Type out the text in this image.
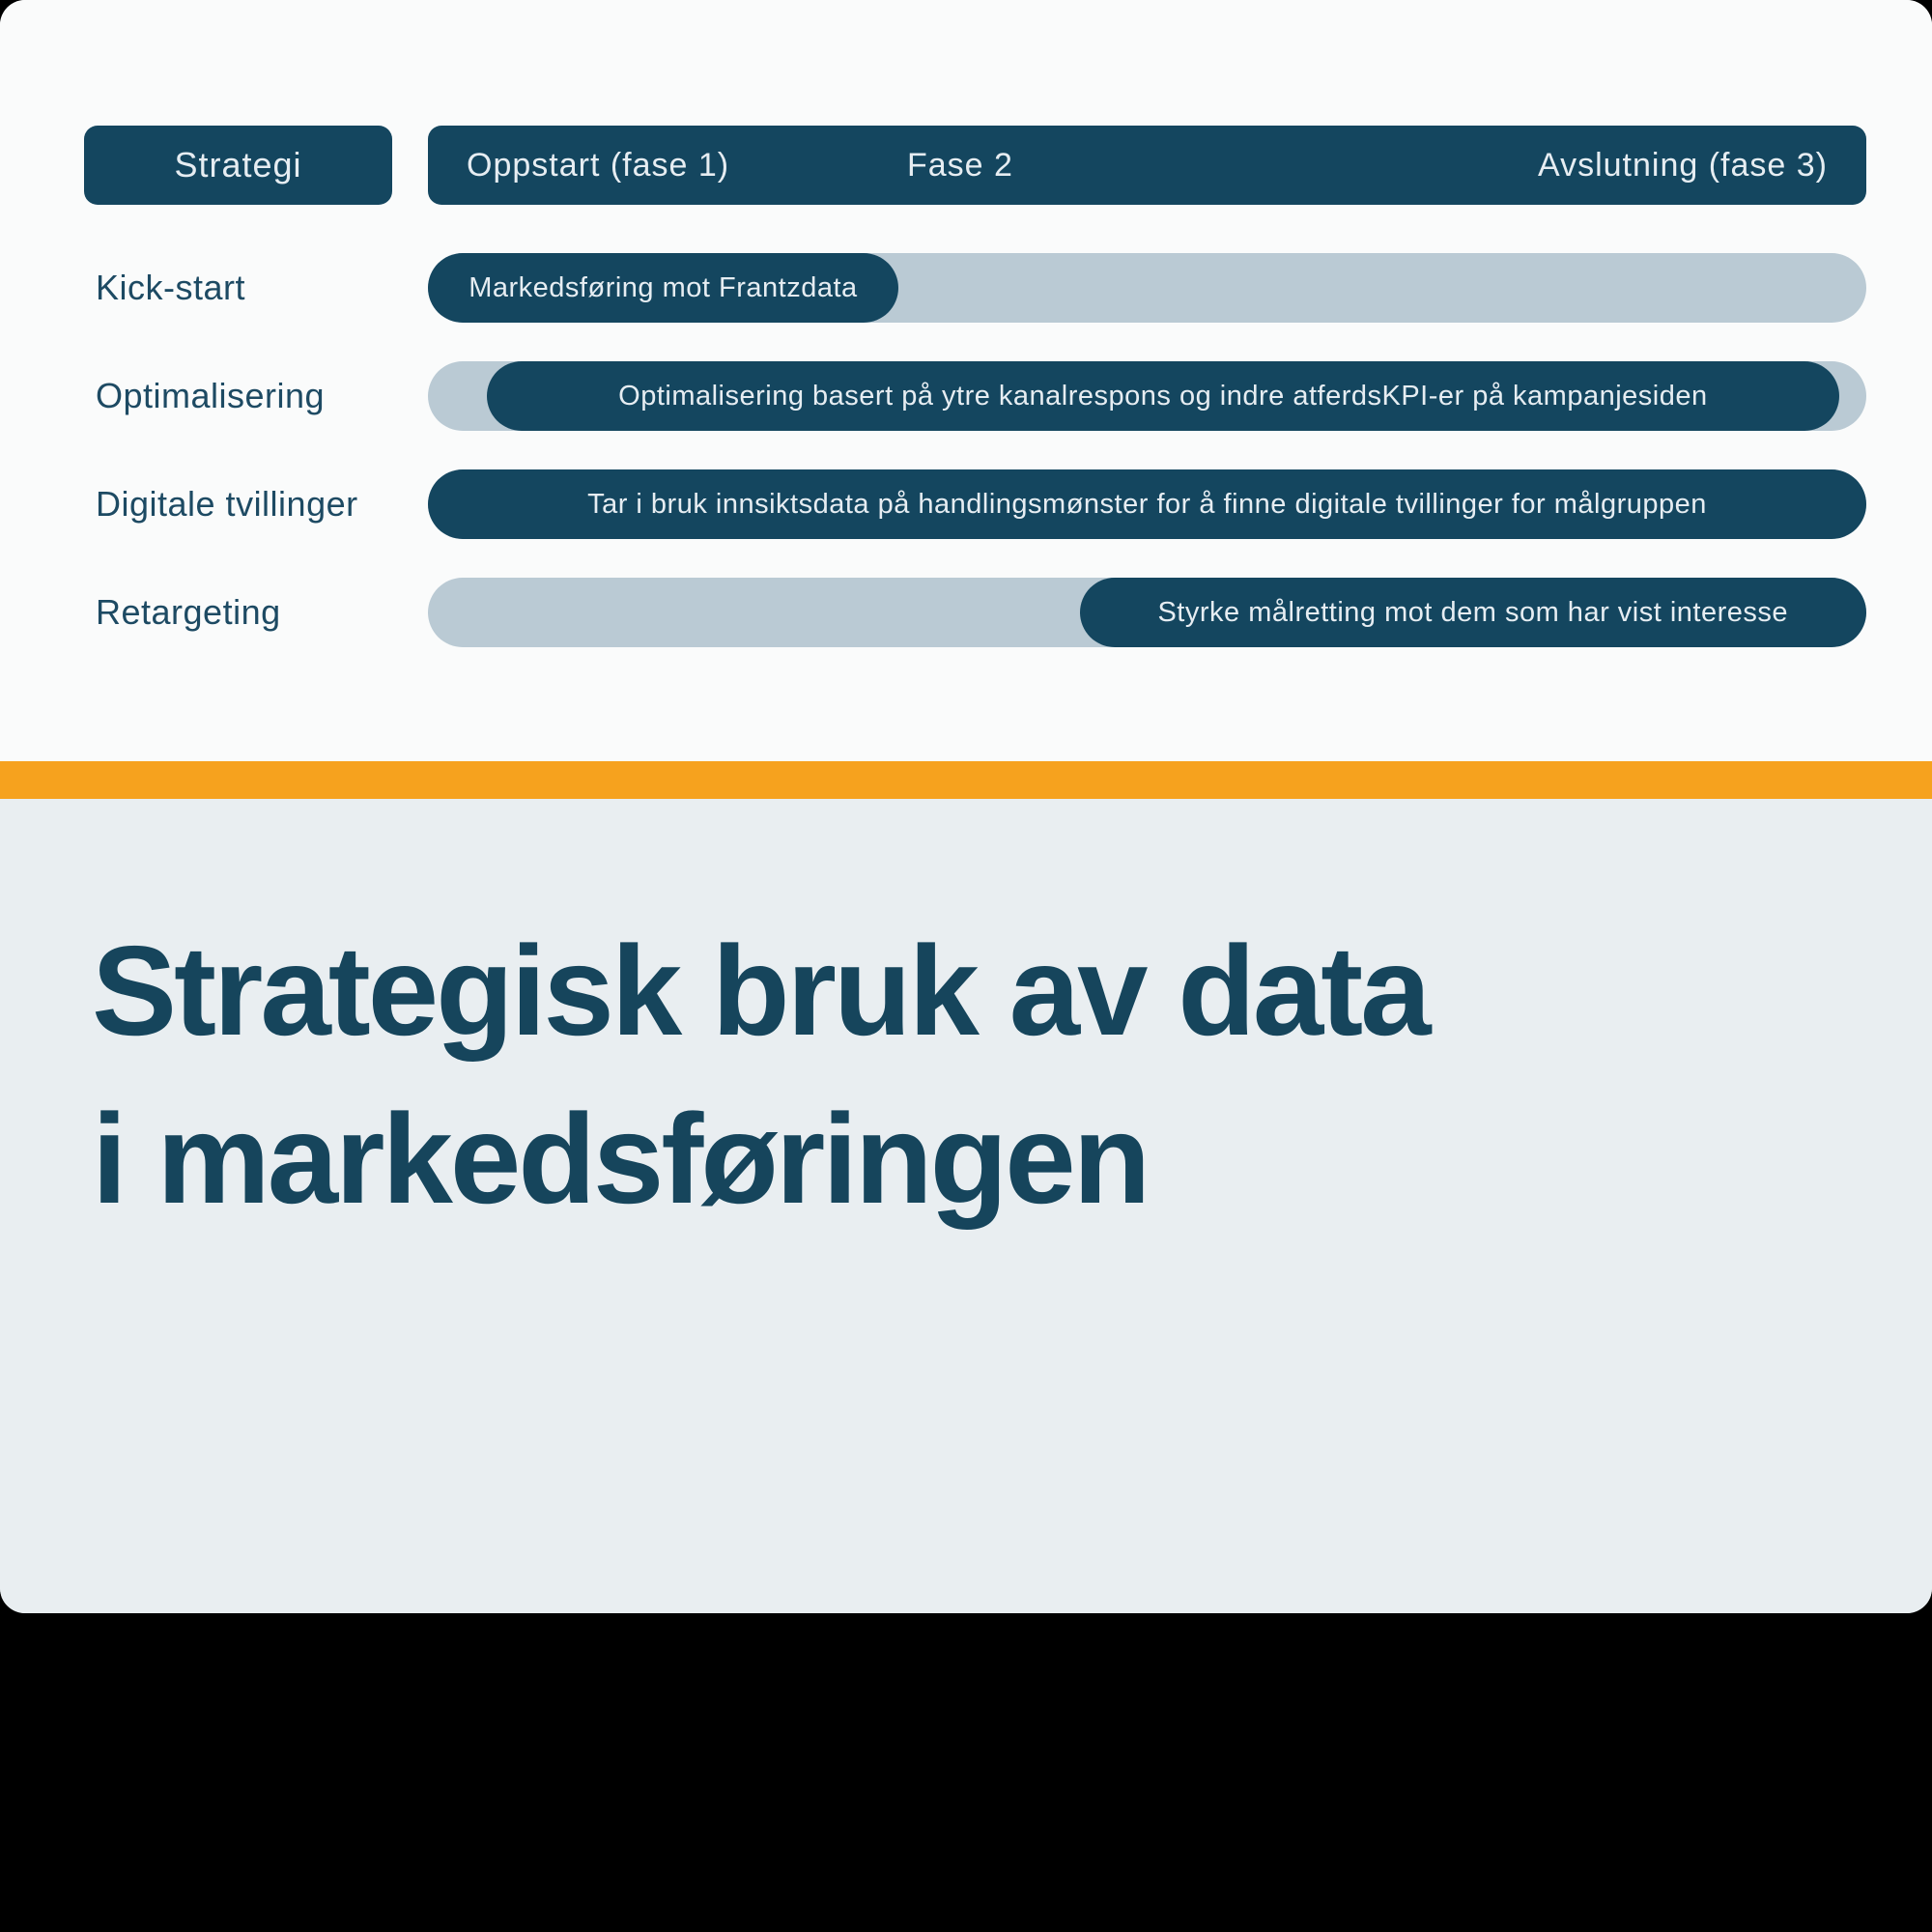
Strategi	Oppstart (fase 1)	Fase 2	Avslutning (fase 3)
Kick-start	Markedsføring mot Frantzdata
Optimalisering	Optimalisering basert på ytre kanalrespons og indre atferdsKPI-er på kampanjesiden
Digitale tvillinger	Tar i bruk innsiktsdata på handlingsmønster for å finne digitale tvillinger for målgruppen
Retargeting	Styrke målretting mot dem som har vist interesse
Strategisk bruk av data
i markedsføringen
